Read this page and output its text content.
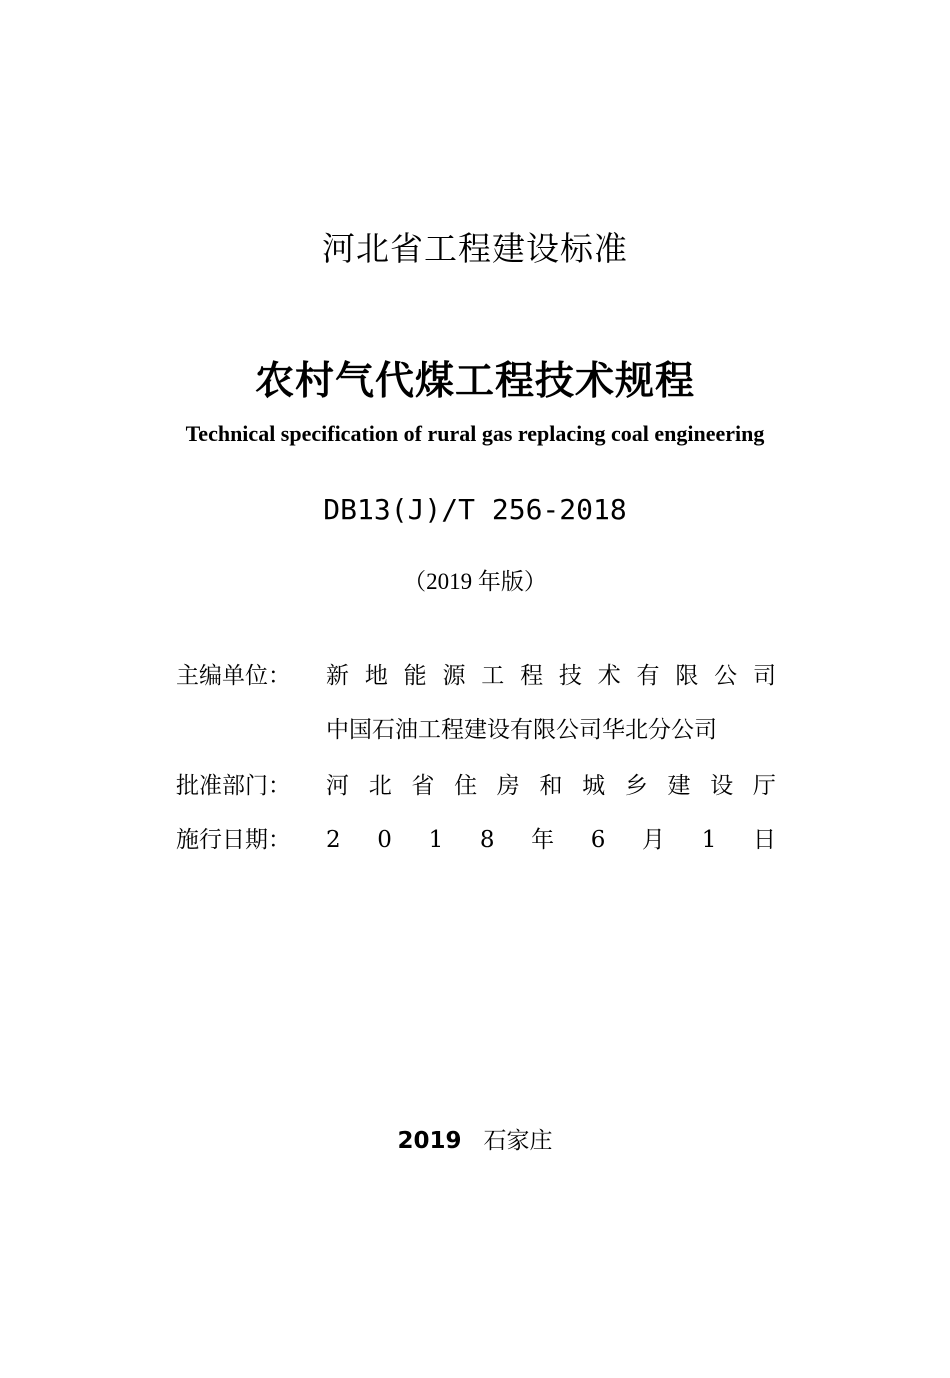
河北省工程建设标准
农村气代煤工程技术规程
Technical specification of rural gas replacing coal engineering
DB13(J)/T 256-2018
（2019 年版）
主编单位： 新 地 能 源 工 程 技 术 有 限 公 司
中国石油工程建设有限公司华北分公司
批准部门： 河 北 省 住 房 和 城 乡 建 设 厅
施行日期： 2 0 1 8 年 6 月 1 日
2019 石家庄
